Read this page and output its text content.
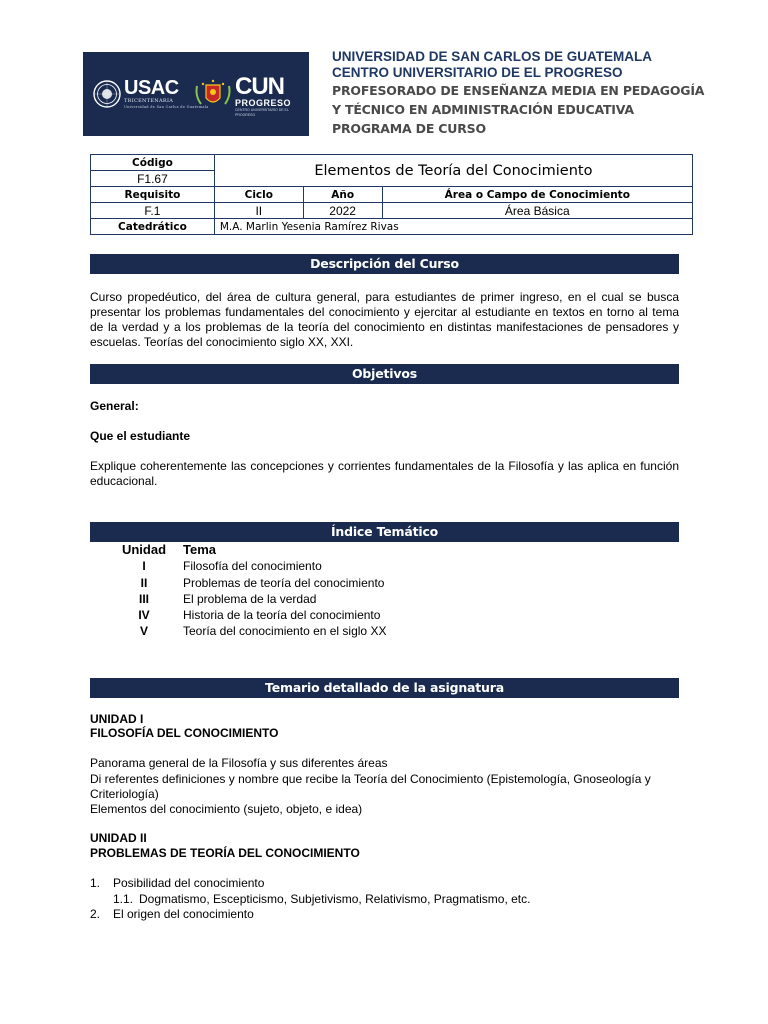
USAC
TRICENTENARIA
Universidad de San Carlos de Guatemala
CUN
PROGRESO
CENTRO UNIVERSITARIO DE EL PROGRESO
UNIVERSIDAD DE SAN CARLOS DE GUATEMALA
CENTRO UNIVERSITARIO DE EL PROGRESO
PROFESORADO DE ENSEÑANZA MEDIA EN PEDAGOGÍA
Y TÉCNICO EN ADMINISTRACIÓN EDUCATIVA
PROGRAMA DE CURSO
Código	Elementos de Teoría del Conocimiento		
F1.67			
Requisito	Ciclo	Año	Área o Campo de Conocimiento
F.1	II	2022	Área Básica
Catedrático	M.A. Marlin Yesenia Ramírez Rivas		
Descripción del Curso
Curso propedéutico, del área de cultura general, para estudiantes de primer ingreso, en el cual se busca presentar los problemas fundamentales del conocimiento y ejercitar al estudiante en textos en torno al tema de la verdad y a los problemas de la teoría del conocimiento en distintas manifestaciones de pensadores y escuelas. Teorías del conocimiento siglo XX, XXI.
Objetivos
General:
Que el estudiante
Explique coherentemente las concepciones y corrientes fundamentales de la Filosofía y las aplica en función educacional.
Índice Temático
Unidad	Tema
I	Filosofía del conocimiento
II	Problemas de teoría del conocimiento
III	El problema de la verdad
IV	Historia de la teoría del conocimiento
V	Teoría del conocimiento en el siglo XX
Temario detallado de la asignatura
UNIDAD I
FILOSOFÍA DEL CONOCIMIENTO
Panorama general de la Filosofía y sus diferentes áreas
Di referentes definiciones y nombre que recibe la Teoría del Conocimiento (Epistemología, Gnoseología y Criteriología)
Elementos del conocimiento (sujeto, objeto, e idea)
UNIDAD II
PROBLEMAS DE TEORÍA DEL CONOCIMIENTO
1.	Posibilidad del conocimiento
1.1. Dogmatismo, Escepticismo, Subjetivismo, Relativismo, Pragmatismo, etc.
2.	El origen del conocimiento
